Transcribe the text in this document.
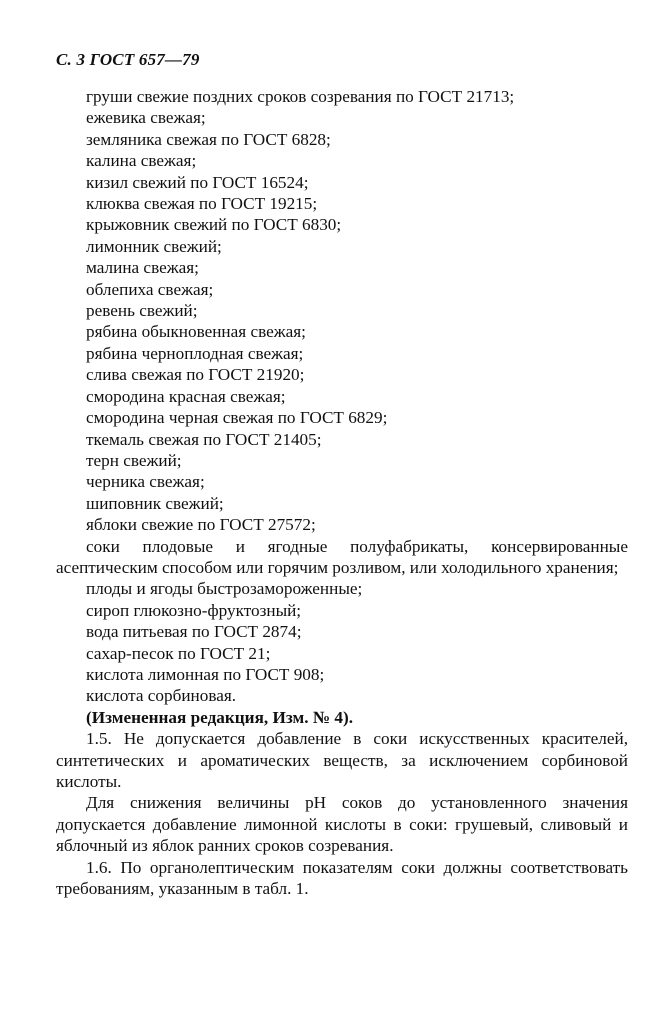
С. 3 ГОСТ 657—79
груши свежие поздних сроков созревания по ГОСТ 21713;
ежевика свежая;
земляника свежая по ГОСТ 6828;
калина свежая;
кизил свежий по ГОСТ 16524;
клюква свежая по ГОСТ 19215;
крыжовник свежий по ГОСТ 6830;
лимонник свежий;
малина свежая;
облепиха свежая;
ревень свежий;
рябина обыкновенная свежая;
рябина черноплодная свежая;
слива свежая по ГОСТ 21920;
смородина красная свежая;
смородина черная свежая по ГОСТ 6829;
ткемаль свежая по ГОСТ 21405;
терн свежий;
черника свежая;
шиповник свежий;
яблоки свежие по ГОСТ 27572;

соки плодовые и ягодные полуфабрикаты, консервированные асептическим способом или горячим розливом, или холодильного хранения;

плоды и ягоды быстрозамороженные;
сироп глюкозно-фруктозный;
вода питьевая по ГОСТ 2874;
сахар-песок по ГОСТ 21;
кислота лимонная по ГОСТ 908;
кислота сорбиновая.

(Измененная редакция, Изм. № 4).

1.5. Не допускается добавление в соки искусственных красителей, синтетических и ароматических веществ, за исключением сорбиновой кислоты.

Для снижения величины pH соков до установленного значения допускается добавление лимонной кислоты в соки: грушевый, сливовый и яблочный из яблок ранних сроков созревания.

1.6. По органолептическим показателям соки должны соответствовать требованиям, указанным в табл. 1.
